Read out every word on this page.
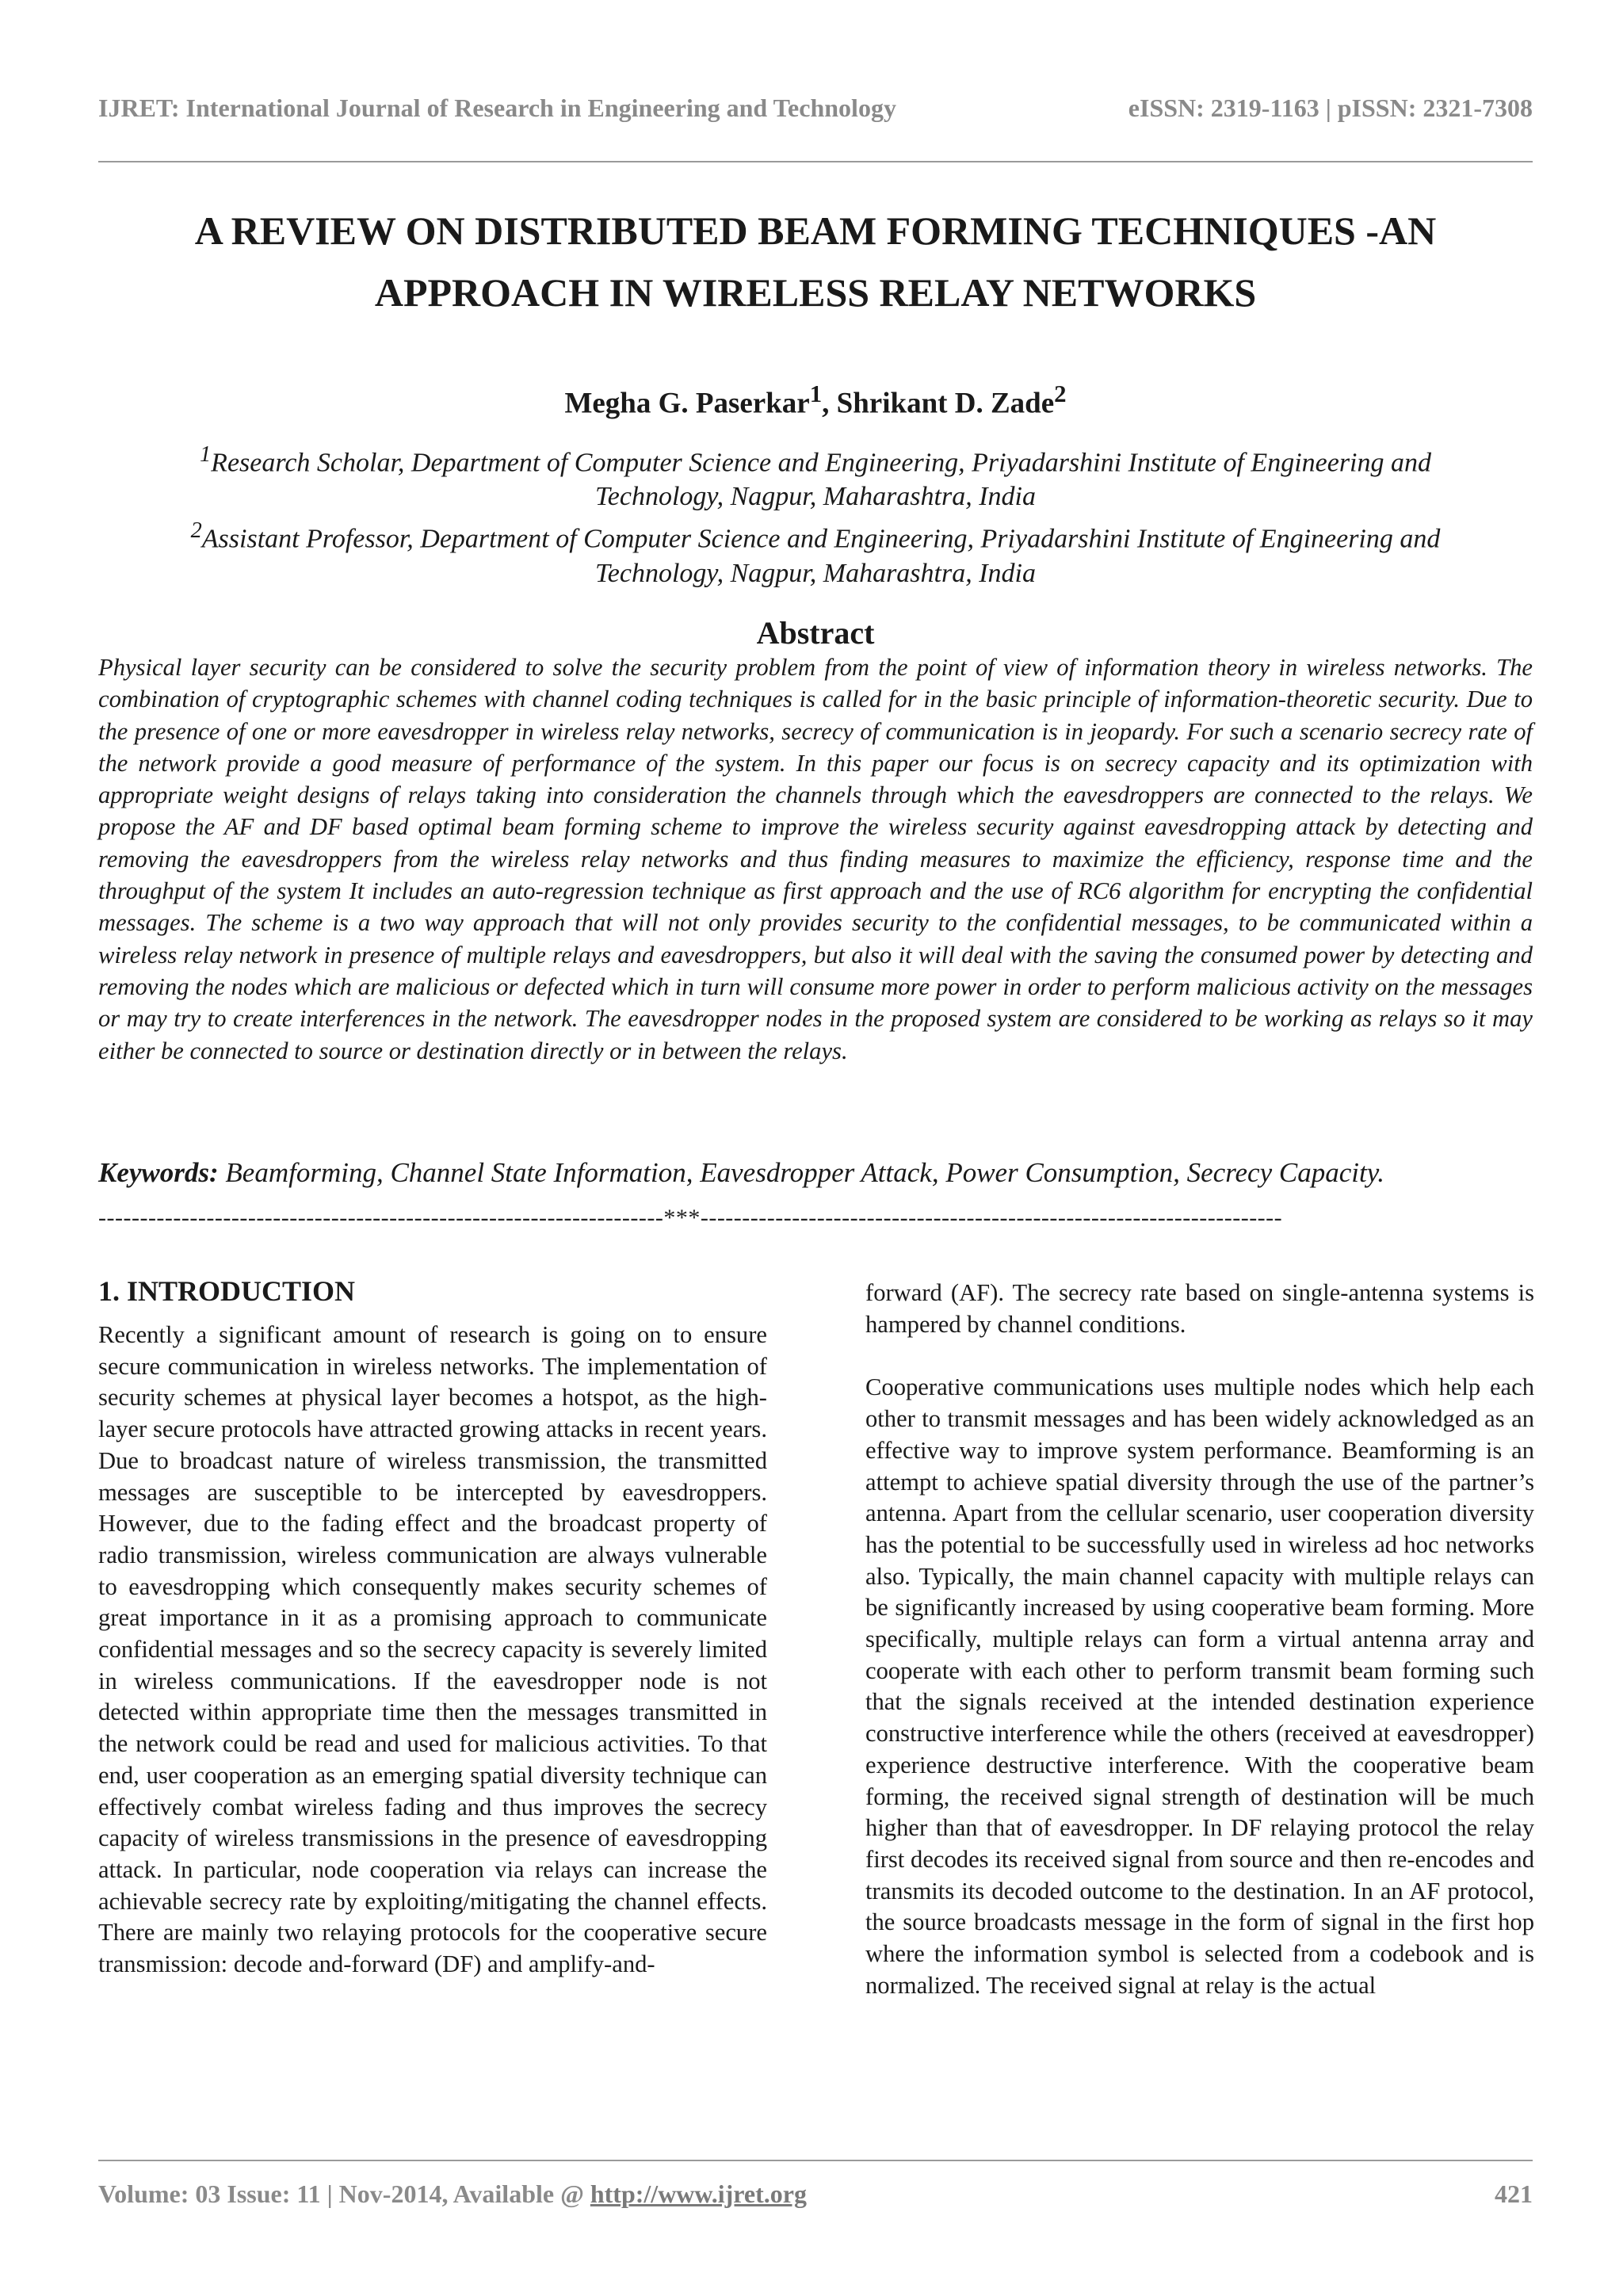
IJRET: International Journal of Research in Engineering and Technology	eISSN: 2319-1163 | pISSN: 2321-7308
A REVIEW ON DISTRIBUTED BEAM FORMING TECHNIQUES -AN
APPROACH IN WIRELESS RELAY NETWORKS
Megha G. Paserkar$^1$, Shrikant D. Zade$^2$
$^1$Research Scholar, Department of Computer Science and Engineering, Priyadarshini Institute of Engineering and
Technology, Nagpur, Maharashtra, India
$^2$Assistant Professor, Department of Computer Science and Engineering, Priyadarshini Institute of Engineering and
Technology, Nagpur, Maharashtra, India
Abstract
Physical layer security can be considered to solve the security problem from the point of view of information theory in wireless networks. The combination of cryptographic schemes with channel coding techniques is called for in the basic principle of information-theoretic security. Due to the presence of one or more eavesdropper in wireless relay networks, secrecy of communication is in jeopardy. For such a scenario secrecy rate of the network provide a good measure of performance of the system. In this paper our focus is on secrecy capacity and its optimization with appropriate weight designs of relays taking into consideration the channels through which the eavesdroppers are connected to the relays. We propose the AF and DF based optimal beam forming scheme to improve the wireless security against eavesdropping attack by detecting and removing the eavesdroppers from the wireless relay networks and thus finding measures to maximize the efficiency, response time and the throughput of the system It includes an auto-regression technique as first approach and the use of RC6 algorithm for encrypting the confidential messages. The scheme is a two way approach that will not only provides security to the confidential messages, to be communicated within a wireless relay network in presence of multiple relays and eavesdroppers, but also it will deal with the saving the consumed power by detecting and removing the nodes which are malicious or defected which in turn will consume more power in order to perform malicious activity on the messages or may try to create interferences in the network. The eavesdropper nodes in the proposed system are considered to be working as relays so it may either be connected to source or destination directly or in between the relays.
Keywords: Beamforming, Channel State Information, Eavesdropper Attack, Power Consumption, Secrecy Capacity.
--------------------------------------------------------------------***----------------------------------------------------------------------
1. INTRODUCTION

Recently a significant amount of research is going on to ensure secure communication in wireless networks. The implementation of security schemes at physical layer becomes a hotspot, as the high-layer secure protocols have attracted growing attacks in recent years. Due to broadcast nature of wireless transmission, the transmitted messages are susceptible to be intercepted by eavesdroppers. However, due to the fading effect and the broadcast property of radio transmission, wireless communication are always vulnerable to eavesdropping which consequently makes security schemes of great importance in it as a promising approach to communicate confidential messages and so the secrecy capacity is severely limited in wireless communications. If the eavesdropper node is not detected within appropriate time then the messages transmitted in the network could be read and used for malicious activities. To that end, user cooperation as an emerging spatial diversity technique can effectively combat wireless fading and thus improves the secrecy capacity of wireless transmissions in the presence of eavesdropping attack. In particular, node cooperation via relays can increase the achievable secrecy rate by exploiting/mitigating the channel effects. There are mainly two relaying protocols for the cooperative secure transmission: decode and-forward (DF) and amplify-and-

forward (AF). The secrecy rate based on single-antenna systems is hampered by channel conditions.

Cooperative communications uses multiple nodes which help each other to transmit messages and has been widely acknowledged as an effective way to improve system performance. Beamforming is an attempt to achieve spatial diversity through the use of the partner’s antenna. Apart from the cellular scenario, user cooperation diversity has the potential to be successfully used in wireless ad hoc networks also. Typically, the main channel capacity with multiple relays can be significantly increased by using cooperative beam forming. More specifically, multiple relays can form a virtual antenna array and cooperate with each other to perform transmit beam forming such that the signals received at the intended destination experience constructive interference while the others (received at eavesdropper) experience destructive interference. With the cooperative beam forming, the received signal strength of destination will be much higher than that of eavesdropper. In DF relaying protocol the relay first decodes its received signal from source and then re-encodes and transmits its decoded outcome to the destination. In an AF protocol, the source broadcasts message in the form of signal in the first hop where the information symbol is selected from a codebook and is normalized. The received signal at relay is the actual

Volume: 03 Issue: 11 | Nov-2014, Available @ http://www.ijret.org	421
